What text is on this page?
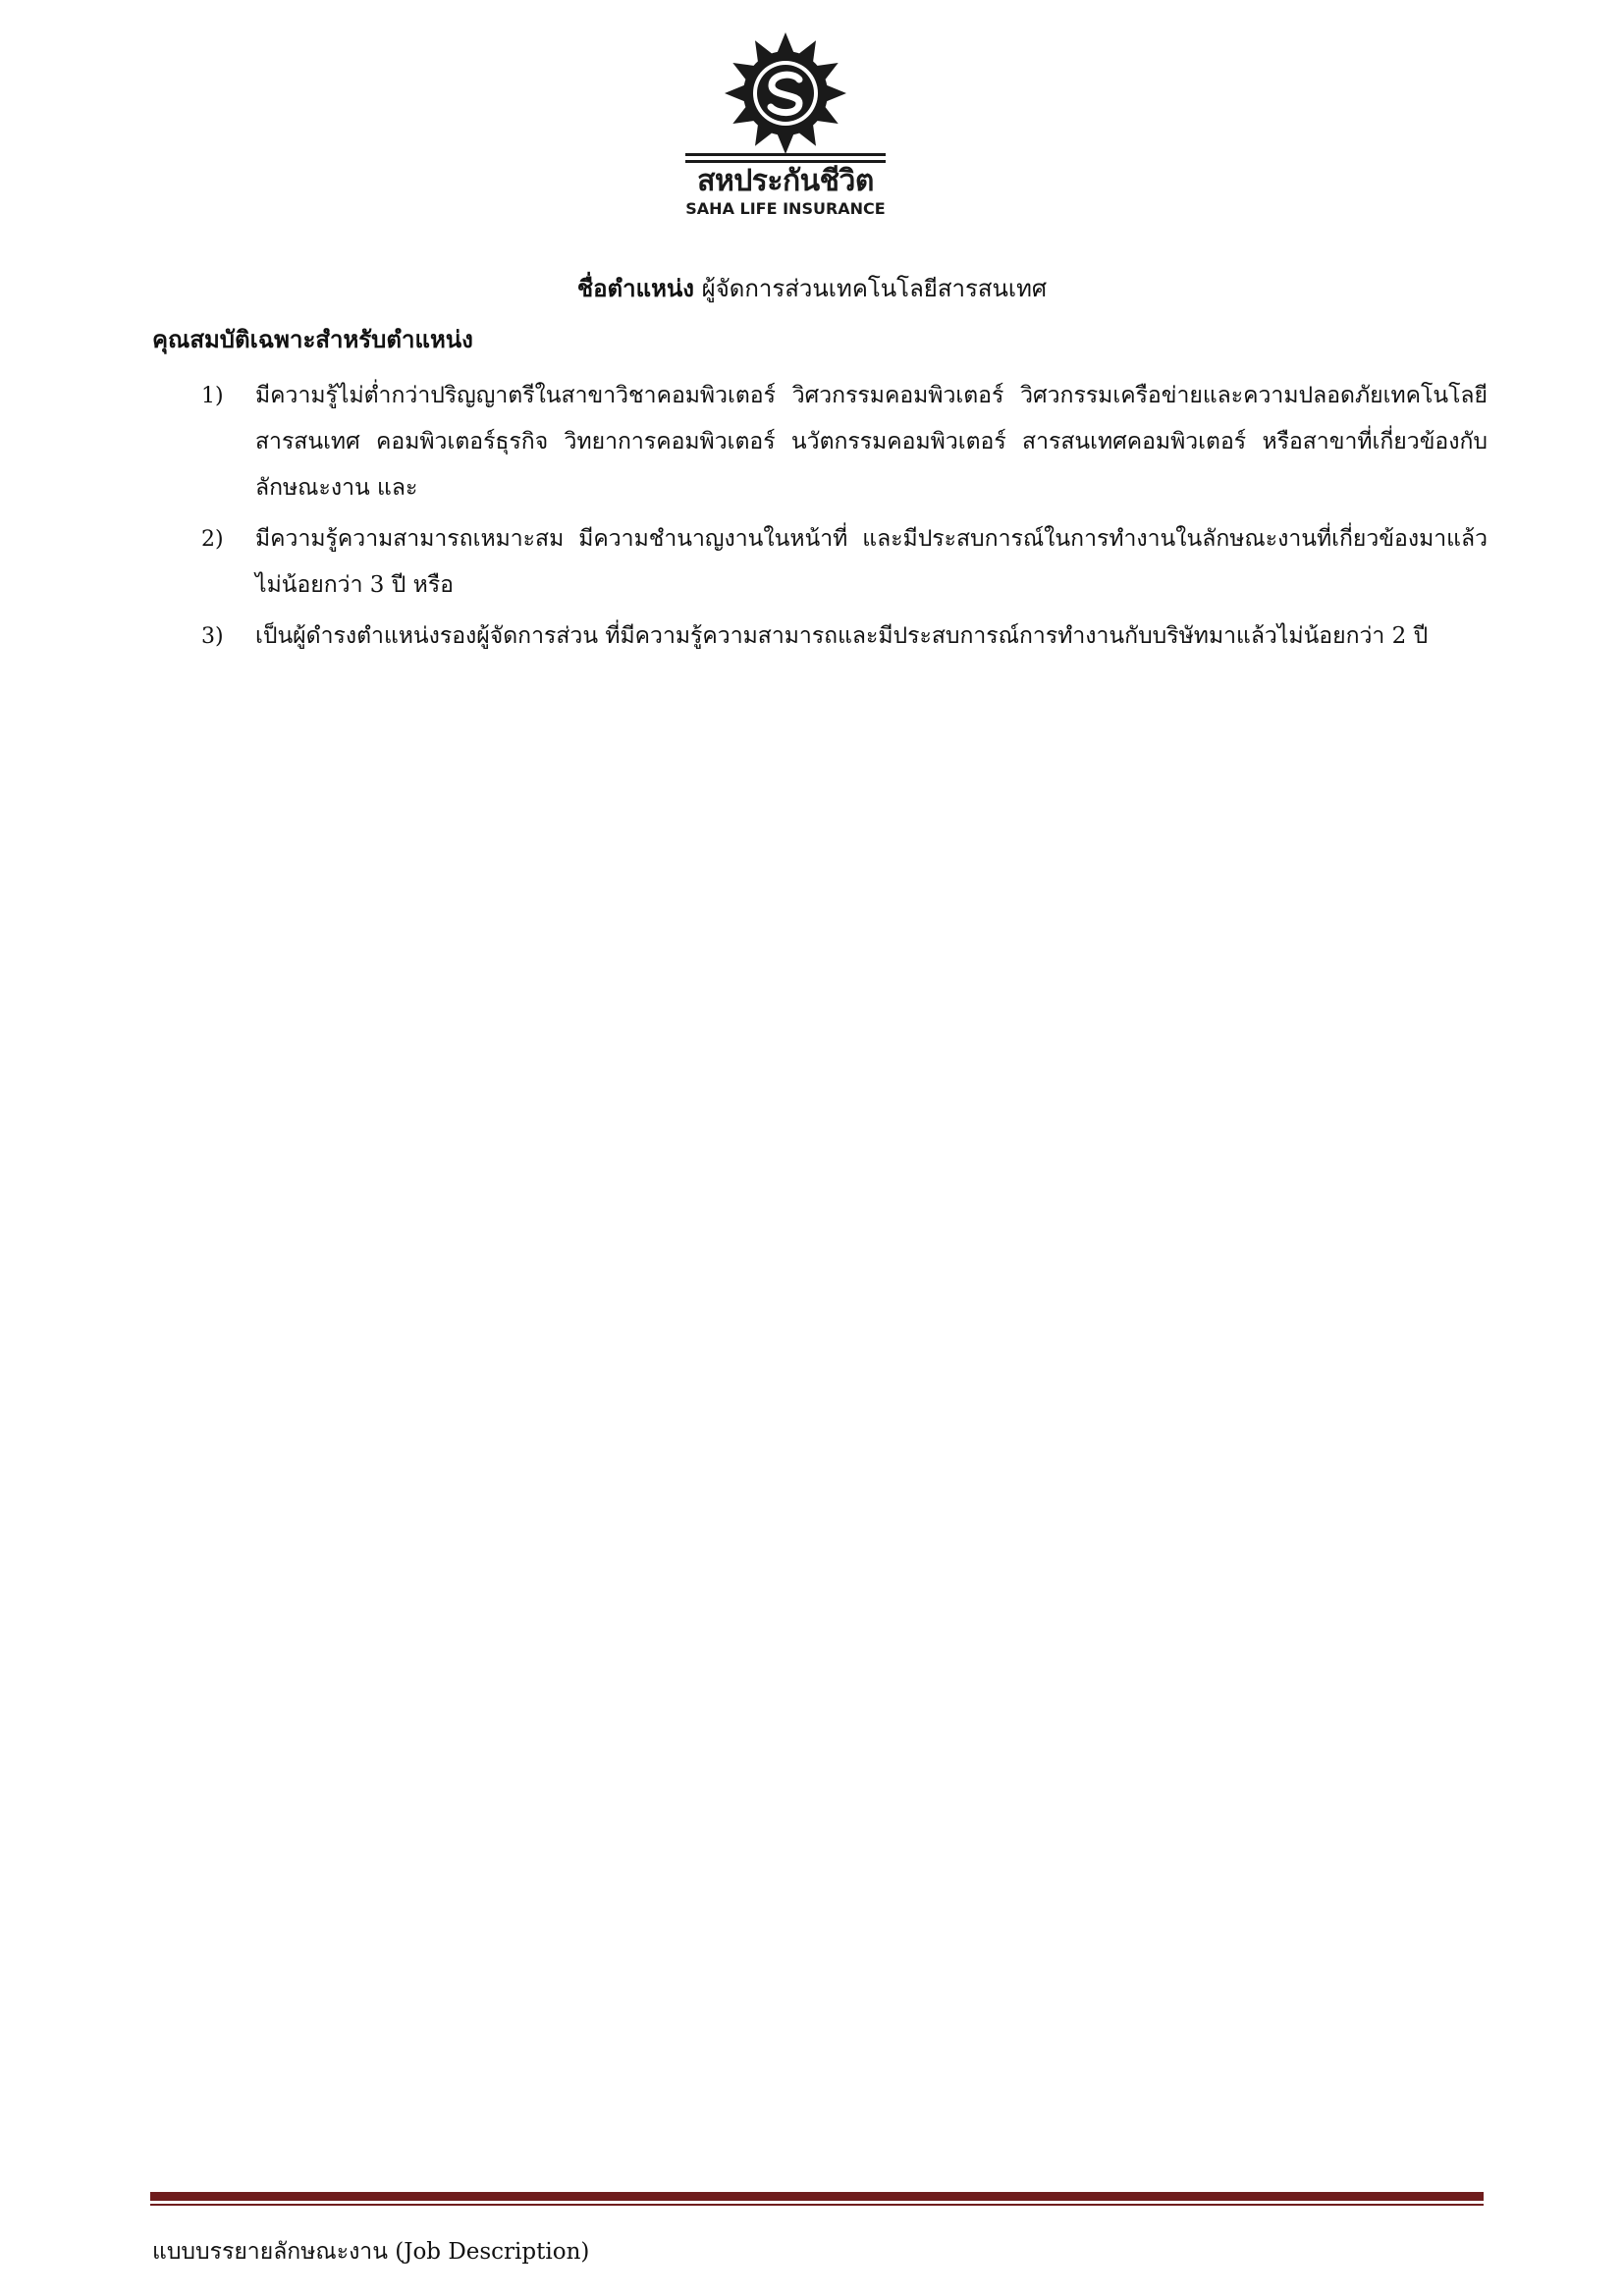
สหประกันชีวิต
SAHA LIFE INSURANCE
ชื่อตำแหน่ง ผู้จัดการส่วนเทคโนโลยีสารสนเทศ
คุณสมบัติเฉพาะสำหรับตำแหน่ง
1) มีความรู้ไม่ต่ำกว่าปริญญาตรีในสาขาวิชาคอมพิวเตอร์ วิศวกรรมคอมพิวเตอร์ วิศวกรรมเครือข่ายและความปลอดภัยเทคโนโลยีสารสนเทศ คอมพิวเตอร์ธุรกิจ วิทยาการคอมพิวเตอร์ นวัตกรรมคอมพิวเตอร์ สารสนเทศคอมพิวเตอร์ หรือสาขาที่เกี่ยวข้องกับลักษณะงาน และ
2) มีความรู้ความสามารถเหมาะสม มีความชำนาญงานในหน้าที่ และมีประสบการณ์ในการทำงานในลักษณะงานที่เกี่ยวข้องมาแล้วไม่น้อยกว่า 3 ปี หรือ
3) เป็นผู้ดำรงตำแหน่งรองผู้จัดการส่วน ที่มีความรู้ความสามารถและมีประสบการณ์การทำงานกับบริษัทมาแล้วไม่น้อยกว่า 2 ปี
แบบบรรยายลักษณะงาน (Job Description)
